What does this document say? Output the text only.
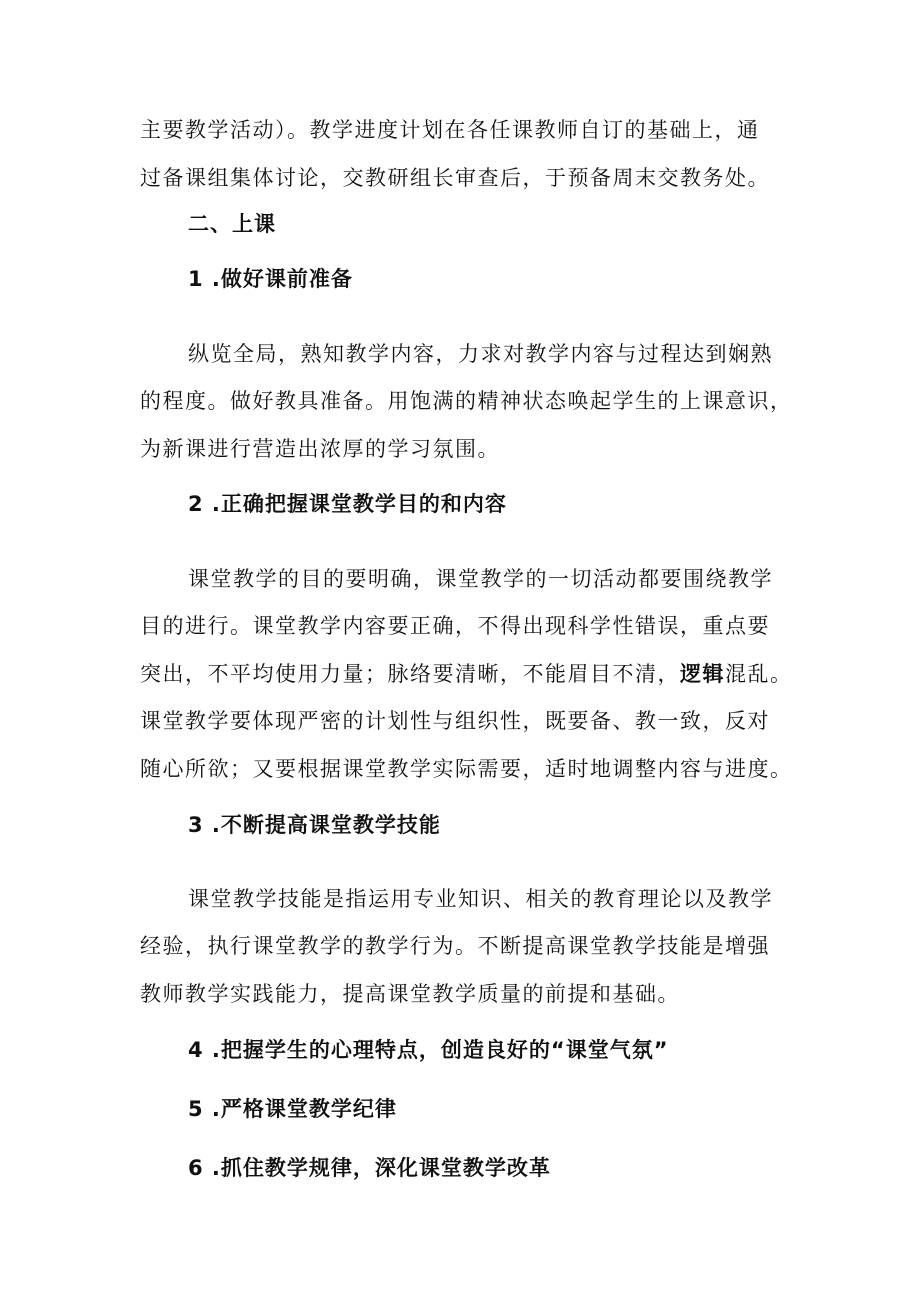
主要教学活动）。教学进度计划在各任课教师自订的基础上，通
过备课组集体讨论，交教研组长审查后，于预备周末交教务处。
二、上课
1 .做好课前准备
纵览全局，熟知教学内容，力求对教学内容与过程达到娴熟
的程度。做好教具准备。用饱满的精神状态唤起学生的上课意识，
为新课进行营造出浓厚的学习氛围。
2 .正确把握课堂教学目的和内容
课堂教学的目的要明确，课堂教学的一切活动都要围绕教学
目的进行。课堂教学内容要正确，不得出现科学性错误，重点要
突出，不平均使用力量；脉络要清晰，不能眉目不清，逻辑混乱。
课堂教学要体现严密的计划性与组织性，既要备、教一致，反对
随心所欲；又要根据课堂教学实际需要，适时地调整内容与进度。
3 .不断提高课堂教学技能
课堂教学技能是指运用专业知识、相关的教育理论以及教学
经验，执行课堂教学的教学行为。不断提高课堂教学技能是增强
教师教学实践能力，提高课堂教学质量的前提和基础。
4 .把握学生的心理特点，创造良好的“课堂气氛”
5 .严格课堂教学纪律
6 .抓住教学规律，深化课堂教学改革
